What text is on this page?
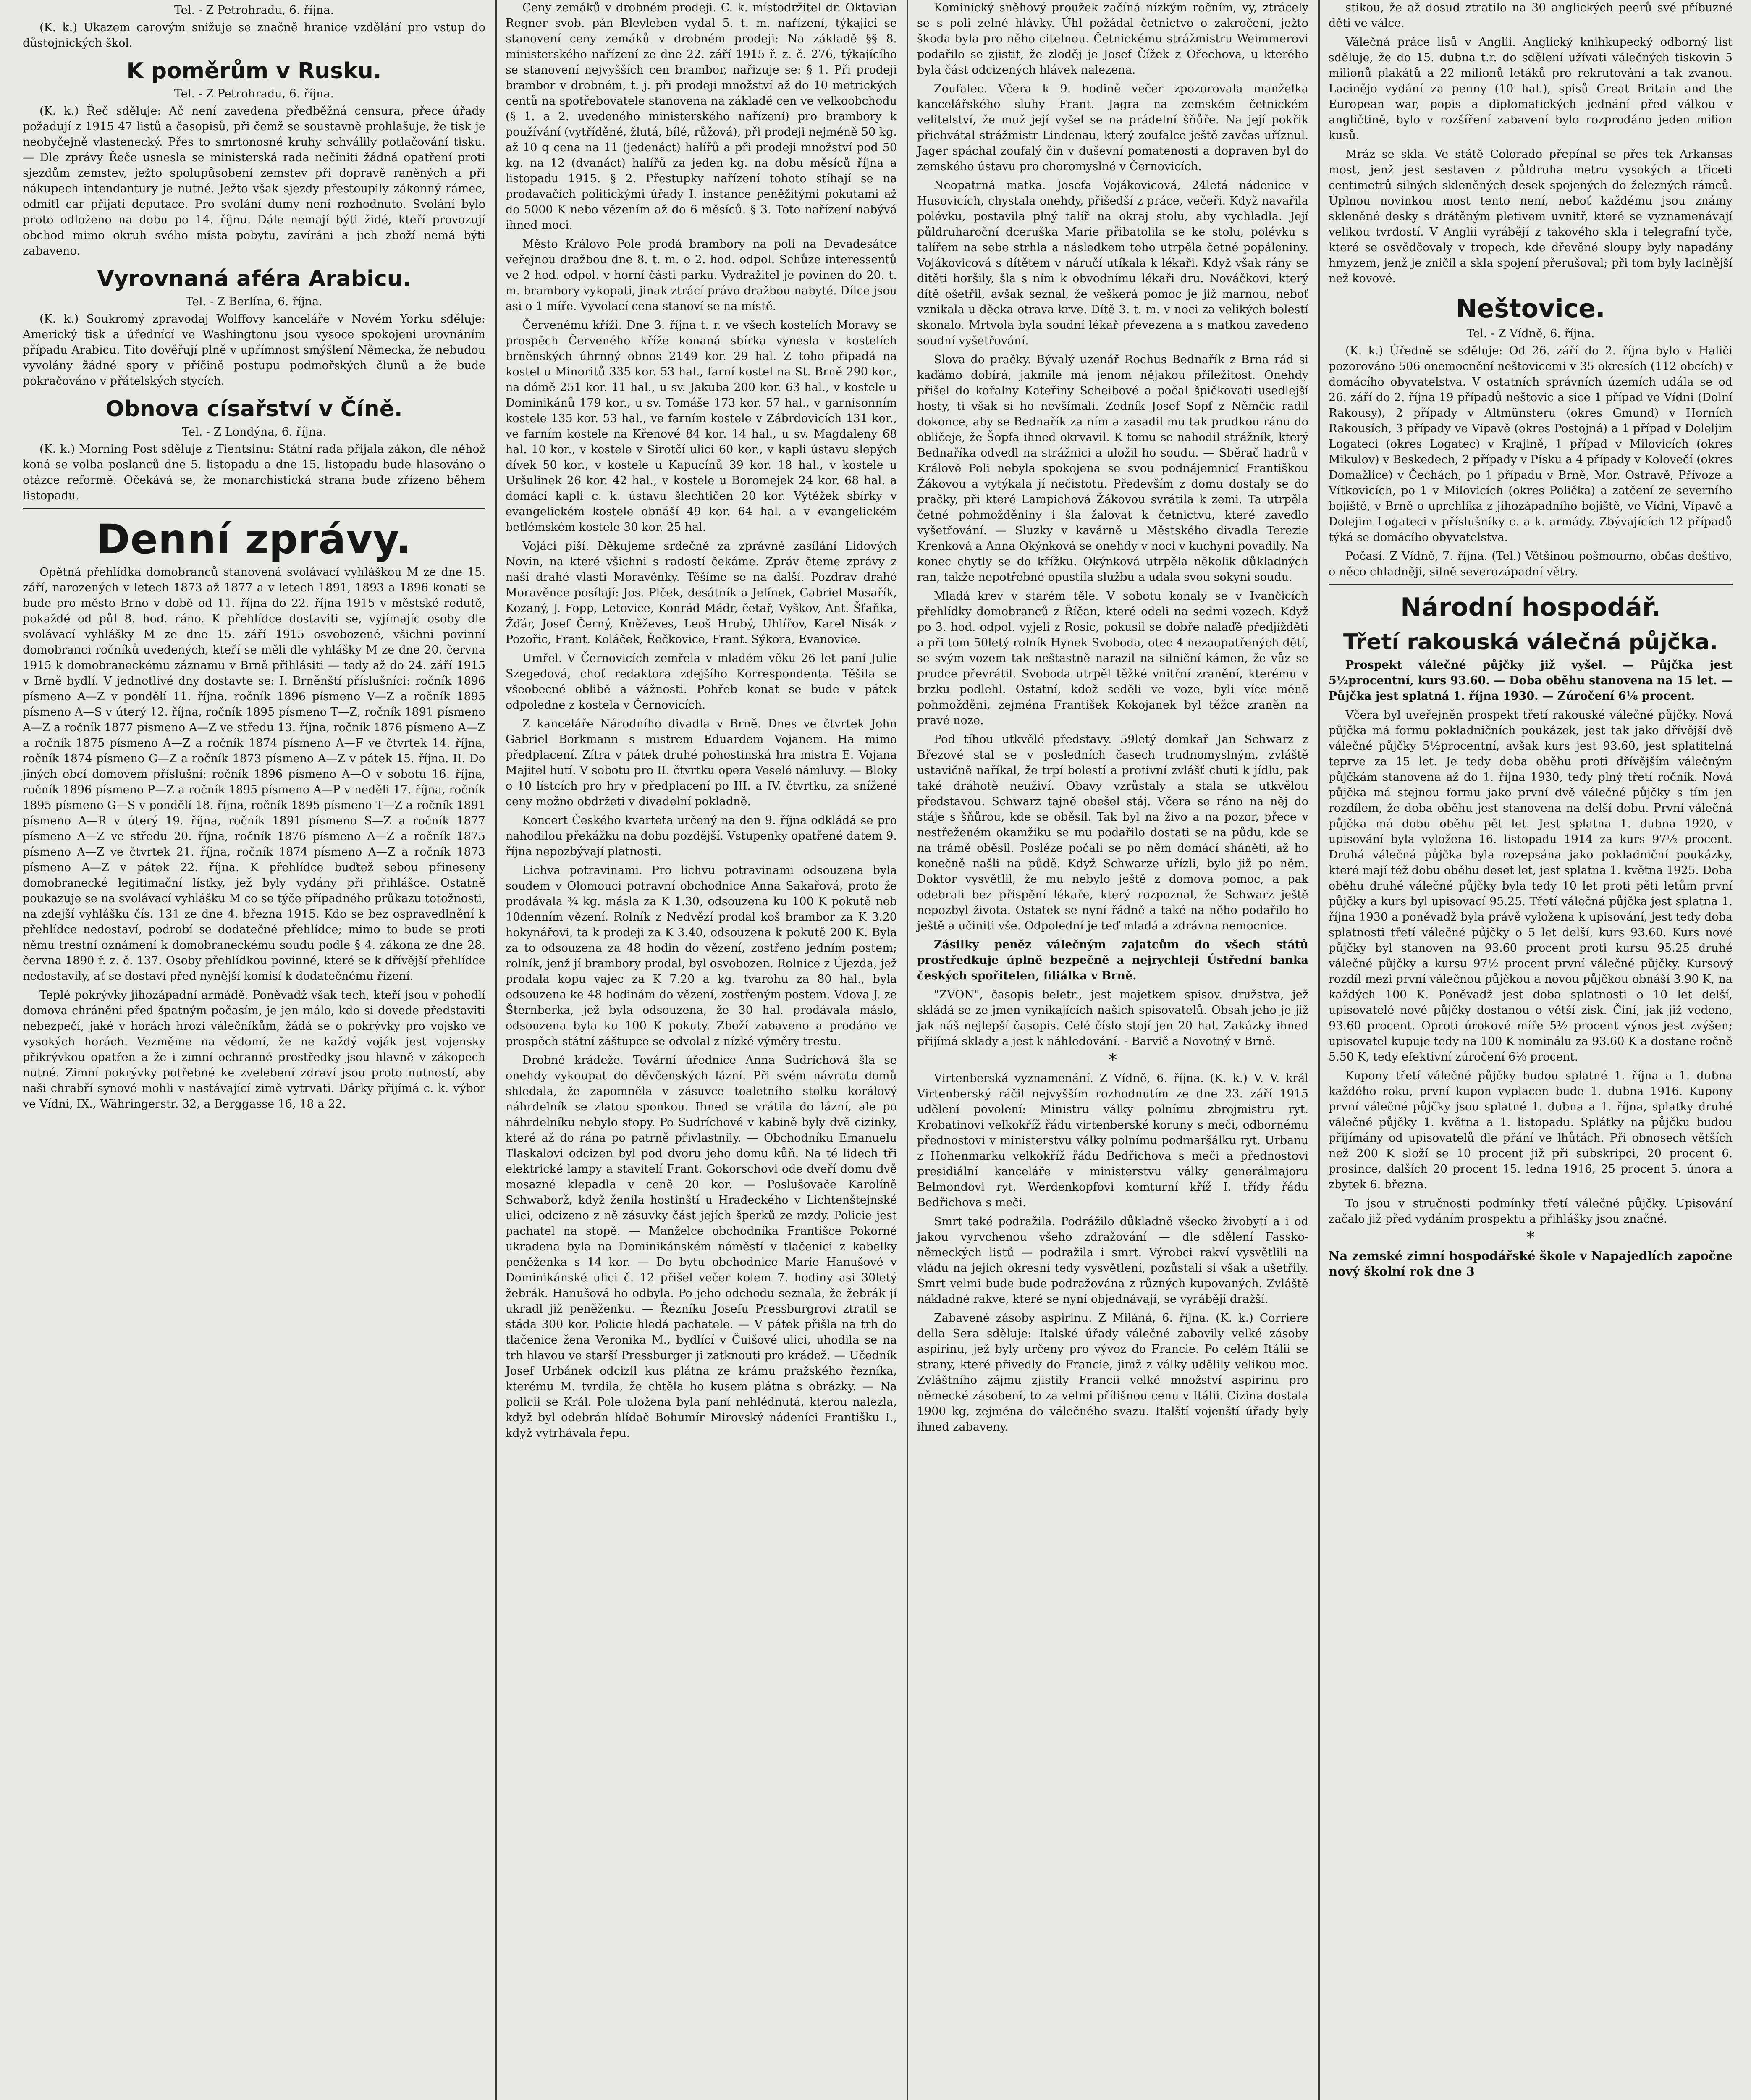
Tel. - Z Petrohradu, 6. října.

(K. k.) Ukazem carovým snižuje se značně hranice vzdělání pro vstup do důstojnických škol.

K poměrům v Rusku.

Tel. - Z Petrohradu, 6. října.

(K. k.) Řeč sděluje: Ač není zavedena předběžná censura, přece úřady požadují z 1915 47 listů a časopisů, při čemž se soustavně prohlašuje, že tisk je neobyčejně vlastenecký. Přes to smrtonosné kruhy schválily potlačování tisku. — Dle zprávy Řeče usnesla se ministerská rada nečiniti žádná opatření proti sjezdům zemstev, ježto spolupůsobení zemstev při dopravě raněných a při nákupech intendantury je nutné. Ježto však sjezdy přestoupily zákonný rámec, odmítl car přijati deputace. Pro svolání dumy není rozhodnuto. Svolání bylo proto odloženo na dobu po 14. říjnu. Dále nemají býti židé, kteří provozují obchod mimo okruh svého místa pobytu, zavíráni a jich zboží nemá býti zabaveno.

Vyrovnaná aféra Arabicu.

Tel. - Z Berlína, 6. října.

(K. k.) Soukromý zpravodaj Wolffovy kanceláře v Novém Yorku sděluje: Americký tisk a úřednící ve Washingtonu jsou vysoce spokojeni urovnáním případu Arabicu. Tito dověřují plně v upřímnost smýšlení Německa, že nebudou vyvolány žádné spory v příčině postupu podmořských člunů a že bude pokračováno v přátelských stycích.

Obnova císařství v Číně.

Tel. - Z Londýna, 6. října.

(K. k.) Morning Post sděluje z Tientsinu: Státní rada přijala zákon, dle něhož koná se volba poslanců dne 5. listopadu a dne 15. listopadu bude hlasováno o otázce reformě. Očekává se, že monarchistická strana bude zřízeno během listopadu.

Denní zprávy.

Opětná přehlídka domobranců stanovená svolávací vyhláškou M ze dne 15. září, narozených v letech 1873 až 1877 a v letech 1891, 1893 a 1896 konati se bude pro město Brno v době od 11. října do 22. října 1915 v městské redutě, pokaždé od půl 8. hod. ráno. K přehlídce dostaviti se, vyjímajíc osoby dle svolávací vyhlášky M ze dne 15. září 1915 osvobozené, všichni povinní domobranci ročníků uvedených, kteří se měli dle vyhlášky M ze dne 20. června 1915 k domobraneckému záznamu v Brně přihlásiti — tedy až do 24. září 1915 v Brně bydlí. V jednotlivé dny dostavte se: I. Brněnští příslušníci: ročník 1896 písmeno A—Z v pondělí 11. října, ročník 1896 písmeno V—Z a ročník 1895 písmeno A—S v úterý 12. října, ročník 1895 písmeno T—Z, ročník 1891 písmeno A—Z a ročník 1877 písmeno A—Z ve středu 13. října, ročník 1876 písmeno A—Z a ročník 1875 písmeno A—Z a ročník 1874 písmeno A—F ve čtvrtek 14. října, ročník 1874 písmeno G—Z a ročník 1873 písmeno A—Z v pátek 15. října. II. Do jiných obcí domovem příslušní: ročník 1896 písmeno A—O v sobotu 16. října, ročník 1896 písmeno P—Z a ročník 1895 písmeno A—P v neděli 17. října, ročník 1895 písmeno G—S v pondělí 18. října, ročník 1895 písmeno T—Z a ročník 1891 písmeno A—R v úterý 19. října, ročník 1891 písmeno S—Z a ročník 1877 písmeno A—Z ve středu 20. října, ročník 1876 písmeno A—Z a ročník 1875 písmeno A—Z ve čtvrtek 21. října, ročník 1874 písmeno A—Z a ročník 1873 písmeno A—Z v pátek 22. října. K přehlídce buďtež sebou přineseny domobranecké legitimační lístky, jež byly vydány při přihlášce. Ostatně poukazuje se na svolávací vyhlášku M co se týče případného průkazu totožnosti, na zdejší vyhlášku čís. 131 ze dne 4. března 1915. Kdo se bez ospravedlnění k přehlídce nedostaví, podrobí se dodatečné přehlídce; mimo to bude se proti němu trestní oznámení k domobraneckému soudu podle § 4. zákona ze dne 28. června 1890 ř. z. č. 137. Osoby přehlídkou povinné, které se k dřívější přehlídce nedostavily, ať se dostaví před nynější komisí k dodatečnému řízení.

Teplé pokrývky jihozápadní armádě. Poněvadž však tech, kteří jsou v pohodlí domova chráněni před špatným počasím, je jen málo, kdo si dovede představiti nebezpečí, jaké v horách hrozí válečníkům, žádá se o pokrývky pro vojsko ve vysokých horách. Vezměme na vědomí, že ne každý voják jest vojensky přikrývkou opatřen a že i zimní ochranné prostředky jsou hlavně v zákopech nutné. Zimní pokrývky potřebné ke zvelebení zdraví jsou proto nutností, aby naši chrabří synové mohli v nastávající zimě vytrvati. Dárky přijímá c. k. výbor ve Vídni, IX., Währingerstr. 32, a Berggasse 16, 18 a 22.

Ceny zemáků v drobném prodeji. C. k. místodržitel dr. Oktavian Regner svob. pán Bleyleben vydal 5. t. m. nařízení, týkající se stanovení ceny zemáků v drobném prodeji: Na základě §§ 8. ministerského nařízení ze dne 22. září 1915 ř. z. č. 276, týkajícího se stanovení nejvyšších cen brambor, nařizuje se: § 1. Při prodeji brambor v drobném, t. j. při prodeji množství až do 10 metrických centů na spotřebovatele stanovena na základě cen ve velkoobchodu (§ 1. a 2. uvedeného ministerského nařízení) pro brambory k používání (vytříděné, žlutá, bílé, růžová), při prodeji nejméně 50 kg. až 10 q cena na 11 (jedenáct) halířů a při prodeji množství pod 50 kg. na 12 (dvanáct) halířů za jeden kg. na dobu měsíců října a listopadu 1915. § 2. Přestupky nařízení tohoto stíhají se na prodavačích politickými úřady I. instance peněžitými pokutami až do 5000 K nebo vězením až do 6 měsíců. § 3. Toto nařízení nabývá ihned moci.

Město Královo Pole prodá brambory na poli na Devadesátce veřejnou dražbou dne 8. t. m. o 2. hod. odpol. Schůze interessentů ve 2 hod. odpol. v horní části parku. Vydražitel je povinen do 20. t. m. brambory vykopati, jinak ztrácí právo dražbou nabyté. Dílce jsou asi o 1 míře. Vyvolací cena stanoví se na místě.

Červenému kříži. Dne 3. října t. r. ve všech kostelích Moravy se prospěch Červeného kříže konaná sbírka vynesla v kostelích brněnských úhrnný obnos 2149 kor. 29 hal. Z toho připadá na kostel u Minoritů 335 kor. 53 hal., farní kostel na St. Brně 290 kor., na dómě 251 kor. 11 hal., u sv. Jakuba 200 kor. 63 hal., v kostele u Dominikánů 179 kor., u sv. Tomáše 173 kor. 57 hal., v garnisonním kostele 135 kor. 53 hal., ve farním kostele v Zábrdovicích 131 kor., ve farním kostele na Křenové 84 kor. 14 hal., u sv. Magdaleny 68 hal. 10 kor., v kostele v Sirotčí ulici 60 kor., v kapli ústavu slepých dívek 50 kor., v kostele u Kapucínů 39 kor. 18 hal., v kostele u Uršulinek 26 kor. 42 hal., v kostele u Boromejek 24 kor. 68 hal. a domácí kapli c. k. ústavu šlechtičen 20 kor. Výtěžek sbírky v evangelickém kostele obnáší 49 kor. 64 hal. a v evangelickém betlémském kostele 30 kor. 25 hal.

Vojáci píší. Děkujeme srdečně za zprávné zasílání Lidových Novin, na které všichni s radostí čekáme. Zpráv čteme zprávy z naší drahé vlasti Moravěnky. Těšíme se na další. Pozdrav drahé Moravěnce posílají: Jos. Plček, desátník a Jelínek, Gabriel Masařík, Kozaný, J. Fopp, Letovice, Konrád Mádr, četař, Vyškov, Ant. Šťaňka, Žďár, Josef Černý, Kněževes, Leoš Hrubý, Uhlířov, Karel Nisák z Pozořic, Frant. Koláček, Řečkovice, Frant. Sýkora, Evanovice.

Umřel. V Černovicích zemřela v mladém věku 26 let paní Julie Szegedová, choť redaktora zdejšího Korrespondenta. Těšila se všeobecné oblibě a vážnosti. Pohřeb konat se bude v pátek odpoledne z kostela v Černovicích.

Z kanceláře Národního divadla v Brně. Dnes ve čtvrtek John Gabriel Borkmann s mistrem Eduardem Vojanem. Ha mimo předplacení. Zítra v pátek druhé pohostinská hra mistra E. Vojana Majitel hutí. V sobotu pro II. čtvrtku opera Veselé námluvy. — Bloky o 10 lístcích pro hry v předplacení po III. a IV. čtvrtku, za snížené ceny možno obdržeti v divadelní pokladně.

Koncert Českého kvarteta určený na den 9. října odkládá se pro nahodilou překážku na dobu pozdější. Vstupenky opatřené datem 9. října nepozbývají platnosti.

Lichva potravinami. Pro lichvu potravinami odsouzena byla soudem v Olomouci potravní obchodnice Anna Sakařová, proto že prodávala ¾ kg. másla za K 1.30, odsouzena ku 100 K pokutě neb 10denním vězení. Rolník z Nedvězí prodal koš brambor za K 3.20 hokynářovi, ta k prodeji za K 3.40, odsouzena k pokutě 200 K. Byla za to odsouzena za 48 hodin do vězení, zostřeno jedním postem; rolník, jenž jí brambory prodal, byl osvobozen. Rolnice z Újezda, jež prodala kopu vajec za K 7.20 a kg. tvarohu za 80 hal., byla odsouzena ke 48 hodinám do vězení, zostřeným postem. Vdova J. ze Šternberka, jež byla odsouzena, že 30 hal. prodávala máslo, odsouzena byla ku 100 K pokuty. Zboží zabaveno a prodáno ve prospěch státní záštupce se odvolal z nízké výměry trestu.

Drobné krádeže. Tovární úřednice Anna Sudríchová šla se onehdy vykoupat do děvčenských lázní. Při svém návratu domů shledala, že zapomněla v zásuvce toaletního stolku korálový náhrdelník se zlatou sponkou. Ihned se vrátila do lázní, ale po náhrdelníku nebylo stopy. Po Sudríchové v kabině byly dvě cizinky, které až do rána po patrně přivlastnily. — Obchodníku Emanuelu Tlaskalovi odcizen byl pod dvoru jeho domu kůň. Na té lidech tři elektrické lampy a stavitelí Frant. Gokorschovi ode dveří domu dvě mosazné klepadla v ceně 20 kor. — Poslušovače Karolíně Schwaborž, když ženila hostinští u Hradeckého v Lichtenštejnské ulici, odcizeno z ně zásuvky část jejích šperků ze mzdy. Policie jest pachatel na stopě. — Manželce obchodníka Františce Pokorné ukradena byla na Dominikánském náměstí v tlačenici z kabelky peněženka s 14 kor. — Do bytu obchodnice Marie Hanušové v Dominikánské ulici č. 12 přišel večer kolem 7. hodiny asi 30letý žebrák. Hanušová ho odbyla. Po jeho odchodu seznala, že žebrák jí ukradl již peněženku. — Řezníku Josefu Pressburgrovi ztratil se stáda 300 kor. Policie hledá pachatele. — V pátek přišla na trh do tlačenice žena Veronika M., bydlící v Čuišové ulici, uhodila se na trh hlavou ve starší Pressburger ji zatknouti pro krádež. — Učedník Josef Urbánek odcizil kus plátna ze krámu pražského řezníka, kterému M. tvrdila, že chtěla ho kusem plátna s obrázky. — Na policii se Král. Pole uložena byla paní nehlédnutá, kterou nalezla, když byl odebrán hlídač Bohumír Mirovský nádeníci Františku I., když vytrhávala řepu.

Kominický sněhový proužek začíná nízkým ročním, vy, ztrácely se s poli zelné hlávky. Úhl požádal četnictvo o zakročení, ježto škoda byla pro něho citelnou. Četnickému strážmistru Weimmerovi podařilo se zjistit, že zloděj je Josef Čížek z Ořechova, u kterého byla část odcizených hlávek nalezena.

Zoufalec. Včera k 9. hodině večer zpozorovala manželka kancelářského sluhy Frant. Jagra na zemském četnickém velitelství, že muž její vyšel se na prádelní šňůře. Na její pokřik přichvátal strážmistr Lindenau, který zoufalce ještě zavčas uříznul. Jager spáchal zoufalý čin v duševní pomatenosti a dopraven byl do zemského ústavu pro choromyslné v Černovicích.

Neopatrná matka. Josefa Vojákovicová, 24letá nádenice v Husovicích, chystala onehdy, přišedší z práce, večeři. Když navařila polévku, postavila plný talíř na okraj stolu, aby vychladla. Její půldruharoční dceruška Marie přibatolila se ke stolu, polévku s talířem na sebe strhla a následkem toho utrpěla četné popáleniny. Vojákovicová s dítětem v náručí utíkala k lékaři. Když však rány se ditěti horšily, šla s ním k obvodnímu lékaři dru. Nováčkovi, který dítě ošetřil, avšak seznal, že veškerá pomoc je již marnou, neboť vznikala u děcka otrava krve. Dítě 3. t. m. v noci za velikých bolestí skonalo. Mrtvola byla soudní lékař převezena a s matkou zavedeno soudní vyšetřování.

Slova do pračky. Bývalý uzenář Rochus Bednařík z Brna rád si kaďámo dobírá, jakmile má jenom nějakou příležitost. Onehdy přišel do kořalny Kateřiny Scheibové a počal špičkovati usedlejší hosty, ti však si ho nevšímali. Zedník Josef Sopf z Němčic radil dokonce, aby se Bednařík za ním a zasadil mu tak prudkou ránu do obličeje, že Šopfa ihned okrvavil. K tomu se nahodil strážník, který Bednaříka odvedl na strážnici a uložil ho soudu. — Sběrač hadrů v Králově Poli nebyla spokojena se svou podnájemnicí Františkou Žákovou a vytýkala jí nečistotu. Především z domu dostaly se do pračky, při které Lampichová Žákovou svrátila k zemi. Ta utrpěla četné pohmožděniny i šla žalovat k četnictvu, které zavedlo vyšetřování. — Sluzky v kavárně u Městského divadla Terezie Krenková a Anna Okýnková se onehdy v noci v kuchyni povadily. Na konec chytly se do křížku. Okýnková utrpěla několik důkladných ran, takže nepotřebné opustila službu a udala svou sokyni soudu.

Mladá krev v starém těle. V sobotu konaly se v Ivančicích přehlídky domobranců z Říčan, které odeli na sedmi vozech. Když po 3. hod. odpol. vyjeli z Rosic, pokusil se dobře nalaďě předjížděti a při tom 50letý rolník Hynek Svoboda, otec 4 nezaopatřených dětí, se svým vozem tak neštastně narazil na silniční kámen, že vůz se prudce převrátil. Svoboda utrpěl těžké vnitřní zranění, kterému v brzku podlehl. Ostatní, kdož seděli ve voze, byli více méně pohmožděni, zejména František Kokojanek byl těžce zraněn na pravé noze.

Pod tíhou utkvělé představy. 59letý domkař Jan Schwarz z Březové stal se v posledních časech trudnomyslným, zvláště ustavičně naříkal, že trpí bolestí a protivní zvlášť chuti k jídlu, pak také dráhotě neuživí. Obavy vzrůstaly a stala se utkvělou představou. Schwarz tajně obešel stáj. Včera se ráno na něj do stáje s šňůrou, kde se oběsil. Tak byl na živo a na pozor, přece v nestřeženém okamžiku se mu podařilo dostati se na půdu, kde se na trámě oběsil. Posléze počali se po něm domácí sháněti, až ho konečně našli na půdě. Když Schwarze uřízli, bylo již po něm. Doktor vysvětlil, že mu nebylo ještě z domova pomoc, a pak odebrali bez přispění lékaře, který rozpoznal, že Schwarz ještě nepozbyl života. Ostatek se nyní řádně a také na něho podařilo ho ještě a učiniti vše. Odpolední je teď mladá a zdrávna nemocnice.

Zásilky peněz válečným zajatcům do všech států prostředkuje úplně bezpečně a nejrychleji Ústřední banka českých spořitelen, filiálka v Brně.

"ZVON", časopis beletr., jest majetkem spisov. družstva, jež skládá se ze jmen vynikajících našich spisovatelů. Obsah jeho je již jak náš nejlepší časopis. Celé číslo stojí jen 20 hal. Zakázky ihned přijímá sklady a jest k náhledování. - Barvič a Novotný v Brně.

*

Virtenberská vyznamenání. Z Vídně, 6. října. (K. k.) V. V. král Virtenberský ráčil nejvyšším rozhodnutím ze dne 23. září 1915 udělení povolení: Ministru války polnímu zbrojmistru ryt. Krobatinovi velkokříž řádu virtenberské koruny s meči, odbornému přednostovi v ministerstvu války polnímu podmaršálku ryt. Urbanu z Hohenmarku velkokříž řádu Bedřichova s meči a přednostovi presidiální kanceláře v ministerstvu války generálmajoru Belmondovi ryt. Werdenkopfovi komturní kříž I. třídy řádu Bedřichova s meči.

Smrt také podražila. Podrážilo důkladně všecko živobytí a i od jakou vyrvchenou všeho zdražování — dle sdělení Fassko-německých listů — podražila i smrt. Výrobci rakví vysvětlili na vládu na jejich okresní tedy vysvětlení, pozůstalí si však a ušetřily. Smrt velmi bude bude podražována z různých kupovaných. Zvláště nákladné rakve, které se nyní objednávají, se vyrábějí dražší.

Zabavené zásoby aspirinu. Z Miláná, 6. října. (K. k.) Corriere della Sera sděluje: Italské úřady válečné zabavily velké zásoby aspirinu, jež byly určeny pro vývoz do Francie. Po celém Itálii se strany, které přivedly do Francie, jimž z války udělily velikou moc. Zvláštního zájmu zjistily Francii velké množství aspirinu pro německé zásobení, to za velmi přílišnou cenu v Itálii. Cizina dostala 1900 kg, zejména do válečného svazu. Italští vojenští úřady byly ihned zabaveny.

stikou, že až dosud ztratilo na 30 anglických peerů své příbuzné děti ve válce.

Válečná práce lisů v Anglii. Anglický knihkupecký odborný list sděluje, že do 15. dubna t.r. do sdělení užívati válečných tiskovin 5 milionů plakátů a 22 milionů letáků pro rekrutování a tak zvanou. Lacinějo vydání za penny (10 hal.), spisů Great Britain and the European war, popis a diplomatických jednání před válkou v angličtině, bylo v rozšíření zabavení bylo rozprodáno jeden milion kusů.

Mráz se skla. Ve státě Colorado přepínal se přes tek Arkansas most, jenž jest sestaven z půldruha metru vysokých a třiceti centimetrů silných skleněných desek spojených do železných rámců. Úplnou novinkou most tento není, neboť každému jsou známy skleněné desky s drátěným pletivem uvnitř, které se vyznamenávají velikou tvrdostí. V Anglii vyrábějí z takového skla i telegrafní tyče, které se osvědčovaly v tropech, kde dřevěné sloupy byly napadány hmyzem, jenž je zničil a skla spojení přerušoval; při tom byly lacinější než kovové.

Neštovice.

Tel. - Z Vídně, 6. října.

(K. k.) Úředně se sděluje: Od 26. září do 2. října bylo v Haliči pozorováno 506 onemocnění neštovicemi v 35 okresích (112 obcích) v domácího obyvatelstva. V ostatních správních územích udála se od 26. září do 2. října 19 případů neštovic a sice 1 případ ve Vídni (Dolní Rakousy), 2 případy v Altmünsteru (okres Gmund) v Horních Rakousích, 3 případy ve Vipavě (okres Postojná) a 1 případ v Doleljim Logateci (okres Logatec) v Krajině, 1 případ v Milovicích (okres Mikulov) v Beskedech, 2 případy v Písku a 4 případy v Kolovečí (okres Domažlice) v Čechách, po 1 případu v Brně, Mor. Ostravě, Přívoze a Vítkovicích, po 1 v Milovicích (okres Polička) a zatčení ze severního bojiště, v Brně o uprchlíka z jihozápadního bojiště, ve Vídni, Vípavě a Dolejim Logateci v příslušníky c. a k. armády. Zbývajících 12 případů týká se domácího obyvatelstva.

Počasí. Z Vídně, 7. října. (Tel.) Většinou pošmourno, občas deštivo, o něco chladněji, silně severozápadní větry.

Národní hospodář.
Třetí rakouská válečná půjčka.

Prospekt válečné půjčky již vyšel. — Půjčka jest 5½procentní, kurs 93.60. — Doba oběhu stanovena na 15 let. — Půjčka jest splatná 1. října 1930. — Zúročení 6⅛ procent.

Včera byl uveřejněn prospekt třetí rakouské válečné půjčky. Nová půjčka má formu pokladničních poukázek, jest tak jako dřívější dvě válečné půjčky 5½procentní, avšak kurs jest 93.60, jest splatitelná teprve za 15 let. Je tedy doba oběhu proti dřívějším válečným půjčkám stanovena až do 1. října 1930, tedy plný třetí ročník. Nová půjčka má stejnou formu jako první dvě válečné půjčky s tím jen rozdílem, že doba oběhu jest stanovena na delší dobu. První válečná půjčka má dobu oběhu pět let. Jest splatna 1. dubna 1920, v upisování byla vyložena 16. listopadu 1914 za kurs 97½ procent. Druhá válečná půjčka byla rozepsána jako pokladniční poukázky, které mají též dobu oběhu deset let, jest splatna 1. května 1925. Doba oběhu druhé válečné půjčky byla tedy 10 let proti pěti letům první půjčky a kurs byl upisovací 95.25. Třetí válečná půjčka jest splatna 1. října 1930 a poněvadž byla právě vyložena k upisování, jest tedy doba splatnosti třetí válečné půjčky o 5 let delší, kurs 93.60. Kurs nové půjčky byl stanoven na 93.60 procent proti kursu 95.25 druhé válečné půjčky a kursu 97½ procent první válečné půjčky. Kursový rozdíl mezi první válečnou půjčkou a novou půjčkou obnáší 3.90 K, na každých 100 K. Poněvadž jest doba splatnosti o 10 let delší, upisovatelé nové půjčky dostanou o větší zisk. Činí, jak již vedeno, 93.60 procent. Oproti úrokové míře 5½ procent výnos jest zvýšen; upisovatel kupuje tedy na 100 K nominálu za 93.60 K a dostane ročně 5.50 K, tedy efektivní zúročení 6⅛ procent.

Kupony třetí válečné půjčky budou splatné 1. října a 1. dubna každého roku, první kupon vyplacen bude 1. dubna 1916. Kupony první válečné půjčky jsou splatné 1. dubna a 1. října, splatky druhé válečné půjčky 1. května a 1. listopadu. Splátky na půjčku budou přijímány od upisovatelů dle přání ve lhůtách. Při obnosech větších než 200 K složí se 10 procent již při subskripci, 20 procent 6. prosince, dalších 20 procent 15. ledna 1916, 25 procent 5. února a zbytek 6. března.

To jsou v stručnosti podmínky třetí válečné půjčky. Upisování začalo již před vydáním prospektu a přihlášky jsou značné.

*

Na zemské zimní hospodářské škole v Napajedlích započne nový školní rok dne 3
